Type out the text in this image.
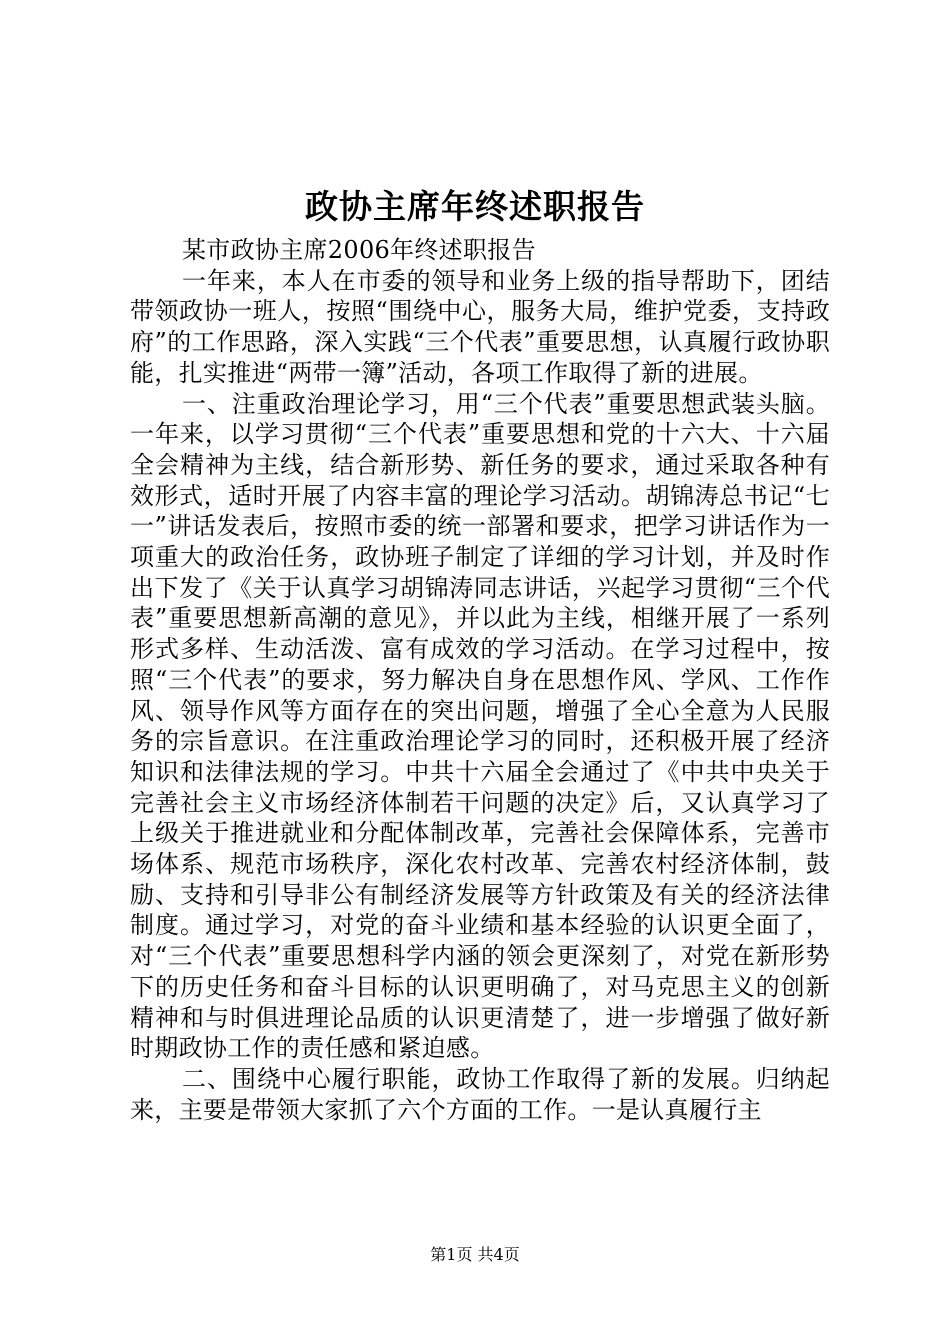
政协主席年终述职报告

某市政协主席2006年终述职报告

一年来，本人在市委的领导和业务上级的指导帮助下，团结带领政协一班人，按照“围绕中心，服务大局，维护党委，支持政府”的工作思路，深入实践“三个代表”重要思想，认真履行政协职能，扎实推进“两带一簿”活动，各项工作取得了新的进展。

一、注重政治理论学习，用“三个代表”重要思想武装头脑。一年来，以学习贯彻“三个代表”重要思想和党的十六大、十六届全会精神为主线，结合新形势、新任务的要求，通过采取各种有效形式，适时开展了内容丰富的理论学习活动。胡锦涛总书记“七一”讲话发表后，按照市委的统一部署和要求，把学习讲话作为一项重大的政治任务，政协班子制定了详细的学习计划，并及时作出下发了《关于认真学习胡锦涛同志讲话，兴起学习贯彻“三个代表”重要思想新高潮的意见》，并以此为主线，相继开展了一系列形式多样、生动活泼、富有成效的学习活动。在学习过程中，按照“三个代表”的要求，努力解决自身在思想作风、学风、工作作风、领导作风等方面存在的突出问题，增强了全心全意为人民服务的宗旨意识。在注重政治理论学习的同时，还积极开展了经济知识和法律法规的学习。中共十六届全会通过了《中共中央关于完善社会主义市场经济体制若干问题的决定》后，又认真学习了上级关于推进就业和分配体制改革，完善社会保障体系，完善市场体系、规范市场秩序，深化农村改革、完善农村经济体制，鼓励、支持和引导非公有制经济发展等方针政策及有关的经济法律制度。通过学习，对党的奋斗业绩和基本经验的认识更全面了，对“三个代表”重要思想科学内涵的领会更深刻了，对党在新形势下的历史任务和奋斗目标的认识更明确了，对马克思主义的创新精神和与时俱进理论品质的认识更清楚了，进一步增强了做好新时期政协工作的责任感和紧迫感。

二、围绕中心履行职能，政协工作取得了新的发展。归纳起来，主要是带领大家抓了六个方面的工作。一是认真履行主

第1页 共4页
